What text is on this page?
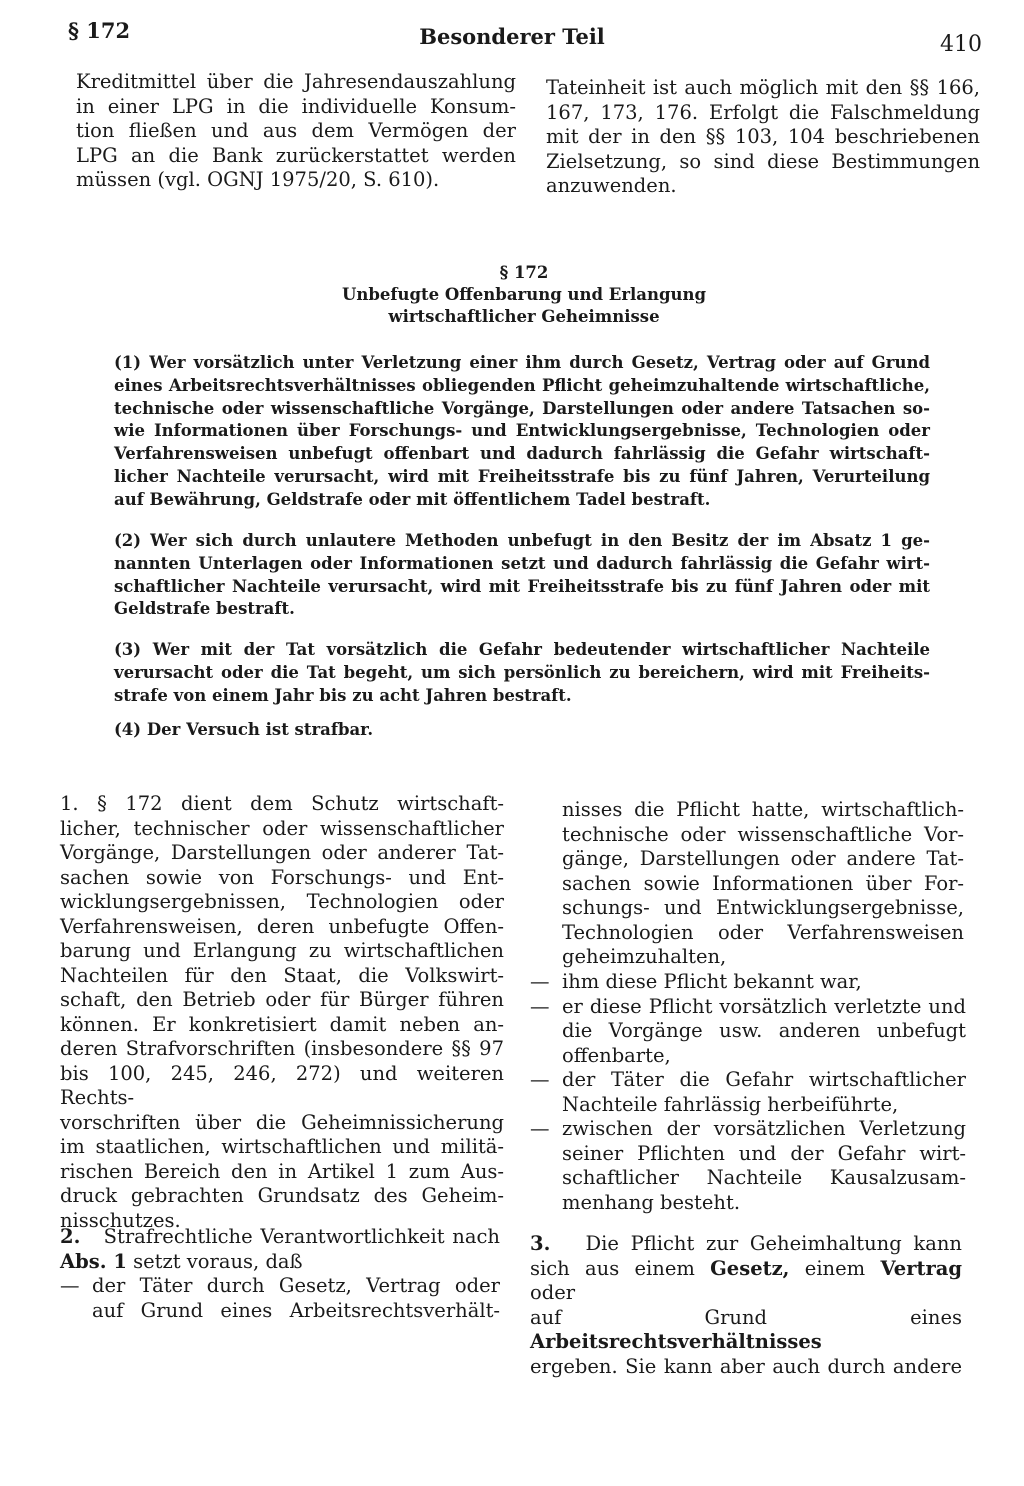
§ 172	Besonderer Teil	410

Kreditmittel über die Jahresendauszahlung

in einer LPG in die individuelle Konsum-

tion fließen und aus dem Vermögen der

LPG an die Bank zurückerstattet werden

müssen (vgl. OGNJ 1975/20, S. 610).

Tateinheit ist auch möglich mit den §§ 166,

167, 173, 176. Erfolgt die Falschmeldung

mit der in den §§ 103, 104 beschriebenen

Zielsetzung, so sind diese Bestimmungen

anzuwenden.

§ 172
Unbefugte Offenbarung und Erlangung
wirtschaftlicher Geheimnisse

(1) Wer vorsätzlich unter Verletzung einer ihm durch Gesetz, Vertrag oder auf Grund

eines Arbeitsrechtsverhältnisses obliegenden Pflicht geheimzuhaltende wirtschaftliche,

technische oder wissenschaftliche Vorgänge, Darstellungen oder andere Tatsachen so-

wie Informationen über Forschungs- und Entwicklungsergebnisse, Technologien oder

Verfahrensweisen unbefugt offenbart und dadurch fahrlässig die Gefahr wirtschaft-

licher Nachteile verursacht, wird mit Freiheitsstrafe bis zu fünf Jahren, Verurteilung

auf Bewährung, Geldstrafe oder mit öffentlichem Tadel bestraft.

(2) Wer sich durch unlautere Methoden unbefugt in den Besitz der im Absatz 1 ge-

nannten Unterlagen oder Informationen setzt und dadurch fahrlässig die Gefahr wirt-

schaftlicher Nachteile verursacht, wird mit Freiheitsstrafe bis zu fünf Jahren oder mit

Geldstrafe bestraft.

(3) Wer mit der Tat vorsätzlich die Gefahr bedeutender wirtschaftlicher Nachteile

verursacht oder die Tat begeht, um sich persönlich zu bereichern, wird mit Freiheits-

strafe von einem Jahr bis zu acht Jahren bestraft.

(4) Der Versuch ist strafbar.

1. § 172 dient dem Schutz wirtschaft-

licher, technischer oder wissenschaftlicher

Vorgänge, Darstellungen oder anderer Tat-

sachen sowie von Forschungs- und Ent-

wicklungsergebnissen, Technologien oder

Verfahrensweisen, deren unbefugte Offen-

barung und Erlangung zu wirtschaftlichen

Nachteilen für den Staat, die Volkswirt-

schaft, den Betrieb oder für Bürger führen

können. Er konkretisiert damit neben an-

deren Strafvorschriften (insbesondere §§ 97

bis 100, 245, 246, 272) und weiteren Rechts-

vorschriften über die Geheimnissicherung

im staatlichen, wirtschaftlichen und militä-

rischen Bereich den in Artikel 1 zum Aus-

druck gebrachten Grundsatz des Geheim-

nisschutzes.

2. Strafrechtliche Verantwortlichkeit nach

Abs. 1 setzt voraus, daß

— der Täter durch Gesetz, Vertrag oder

auf Grund eines Arbeitsrechtsverhält-

nisses die Pflicht hatte, wirtschaftlich-

technische oder wissenschaftliche Vor-

gänge, Darstellungen oder andere Tat-

sachen sowie Informationen über For-

schungs- und Entwicklungsergebnisse,

Technologien oder Verfahrensweisen

geheimzuhalten,

— ihm diese Pflicht bekannt war,

— er diese Pflicht vorsätzlich verletzte und

die Vorgänge usw. anderen unbefugt

offenbarte,

— der Täter die Gefahr wirtschaftlicher

Nachteile fahrlässig herbeiführte,

— zwischen der vorsätzlichen Verletzung

seiner Pflichten und der Gefahr wirt-

schaftlicher Nachteile Kausalzusam-

menhang besteht.

3. Die Pflicht zur Geheimhaltung kann

sich aus einem Gesetz, einem Vertrag oder

auf Grund eines Arbeitsrechtsverhältnisses

ergeben. Sie kann aber auch durch andere
